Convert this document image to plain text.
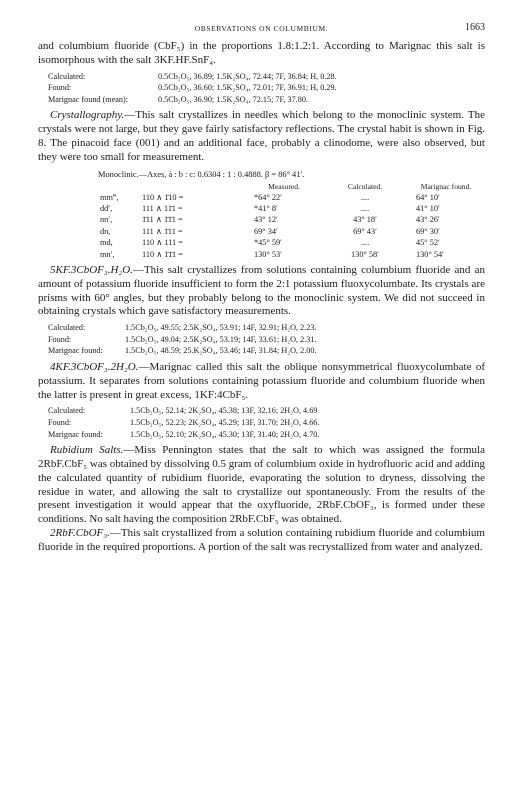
OBSERVATIONS ON COLUMBIUM.	1663

and columbium fluoride (CbF₅) in the proportions 1.8:1.2:1. According to Marignac this salt is isomorphous with the salt 3KF.HF.SnF₄.

Calculated:	0.5Cb₂O₅, 36.89; 1.5K₂SO₄, 72.44; 7F, 36.84; H, 0.28.
Found:	0.5Cb₂O₅, 36.60; 1.5K₂SO₄, 72.01; 7F, 36.91; H, 0.29.
Marignac found (mean):	0.5Cb₂O₅, 36.90; 1.5K₂SO₄, 72.15; 7F, 37.80.

Crystallography.—This salt crystallizes in needles which belong to the monoclinic system. The crystals were not large, but they gave fairly satisfactory reflections. The crystal habit is shown in Fig. 8. The pinacoid face (001) and an additional face, probably a clinodome, were also observed, but they were too small for measurement.

Monoclinic.—Axes, à : b : c: 0.6304 : 1 : 0.4888. β = 86° 41′.
		Measured.	Calculated.	Marignac found.
mm‴,	110 ∧ 1̄10 =	*64° 22′	....	64° 10′
dd′,	111 ∧ 11̄1 =	*41° 8′	....	41° 10′
nn′,	1̄11 ∧ 1̄1̄1 =	43° 12′	43° 18′	43° 26′
dn,	111 ∧ 1̄11 =	69° 34′	69° 43′	69° 30′
md,	110 ∧ 111 =	*45° 59′	....	45° 52′
mn′,	110 ∧ 1̄1̄1 =	130° 53′	130° 58′	130° 54′

5KF.3CbOF₃.H₂O.—This salt crystallizes from solutions containing columbium fluoride and an amount of potassium fluoride insufficient to form the 2:1 potassium fluoxycolumbate. Its crystals are prisms with 60° angles, but they probably belong to the monoclinic system. We did not succeed in obtaining crystals which gave satisfactory measurements.

Calculated:	1.5Cb₂O₅, 49.55; 2.5K₂SO₄, 53.91; 14F, 32.91; H₂O, 2.23.
Found:	1.5Cb₂O₅, 49.04; 2.5K₂SO₄, 53.19; 14F, 33.61; H₂O, 2.31.
Marignac found:	1.5Cb₂O₅, 48.59; 25.K₂SO₄, 53.46; 14F, 31.84; H₂O, 2.00.

4KF.3CbOF₃.2H₂O.—Marignac called this salt the oblique nonsymmetrical fluoxycolumbate of potassium. It separates from solutions containing potassium fluoride and columbium fluoride when the latter is present in great excess, 1KF:4CbF₅.

Calculated:	1.5Cb₂O₅, 52.14; 2K₂SO₄, 45.38; 13F, 32.16; 2H₂O, 4.69
Found:	1.5Cb₂O₅, 52.23; 2K₂SO₄, 45.29; 13F, 31.70; 2H₂O, 4.66.
Marignac found:	1.5Cb₂O₅, 52.10; 2K₂SO₄, 45.30; 13F, 31.40; 2H₂O, 4.70.

Rubidium Salts.—Miss Pennington states that the salt to which was assigned the formula 2RbF.CbF₅ was obtained by dissolving 0.5 gram of columbium oxide in hydrofluoric acid and adding the calculated quantity of rubidium fluoride, evaporating the solution to dryness, dissolving the residue in water, and allowing the salt to crystallize out spontaneously. From the results of the present investigation it would appear that the oxyfluoride, 2RbF.CbOF₃, is formed under these conditions. No salt having the composition 2RbF.CbF₅ was obtained.

2RbF.CbOF₃.—This salt crystallized from a solution containing rubidium fluoride and columbium fluoride in the required proportions. A portion of the salt was recrystallized from water and analyzed.
